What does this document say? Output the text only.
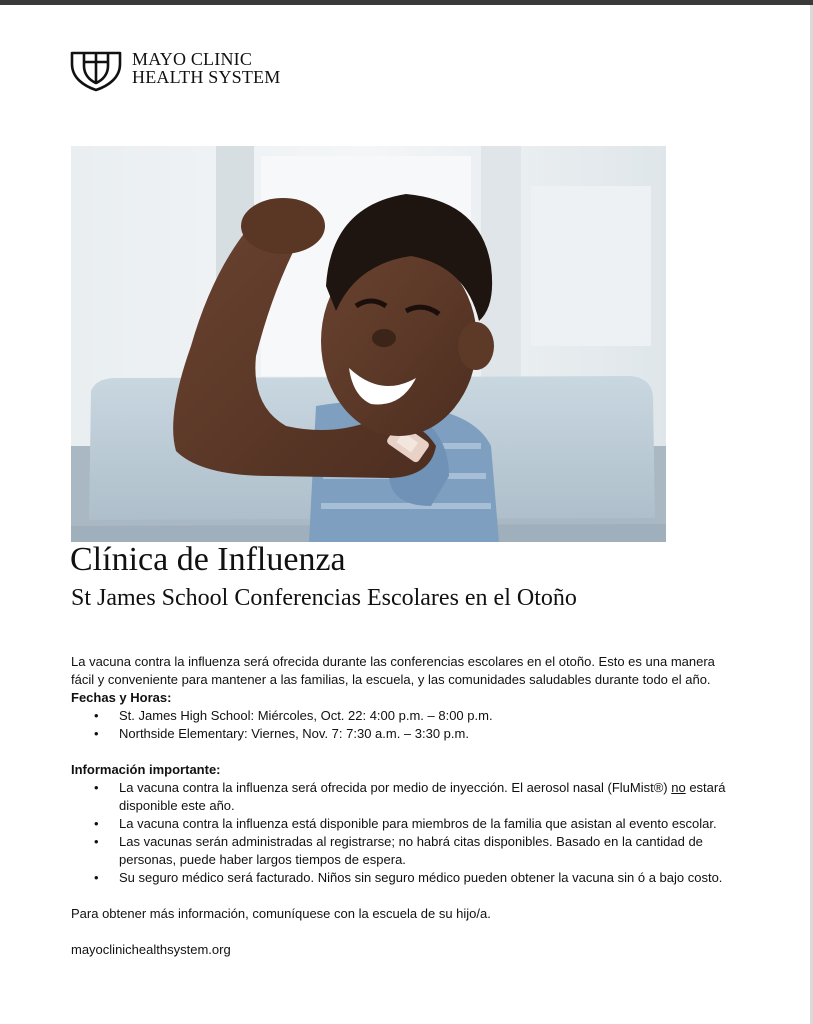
MAYO CLINIC
HEALTH SYSTEM
Clínica de Influenza
St James School Conferencias Escolares en el Otoño

La vacuna contra la influenza será ofrecida durante las conferencias escolares en el otoño. Esto es una manera fácil y conveniente para mantener a las familias, la escuela, y las comunidades saludables durante todo el año.

Fechas y Horas:

• St. James High School: Miércoles, Oct. 22: 4:00 p.m. – 8:00 p.m.
• Northside Elementary: Viernes, Nov. 7: 7:30 a.m. – 3:30 p.m.

Información importante:

• La vacuna contra la influenza será ofrecida por medio de inyección. El aerosol nasal (FluMist®) no estará disponible este año.
• La vacuna contra la influenza está disponible para miembros de la familia que asistan al evento escolar.
• Las vacunas serán administradas al registrarse; no habrá citas disponibles. Basado en la cantidad de personas, puede haber largos tiempos de espera.
• Su seguro médico será facturado. Niños sin seguro médico pueden obtener la vacuna sin ó a bajo costo.

Para obtener más información, comuníquese con la escuela de su hijo/a.

mayoclinichealthsystem.org
